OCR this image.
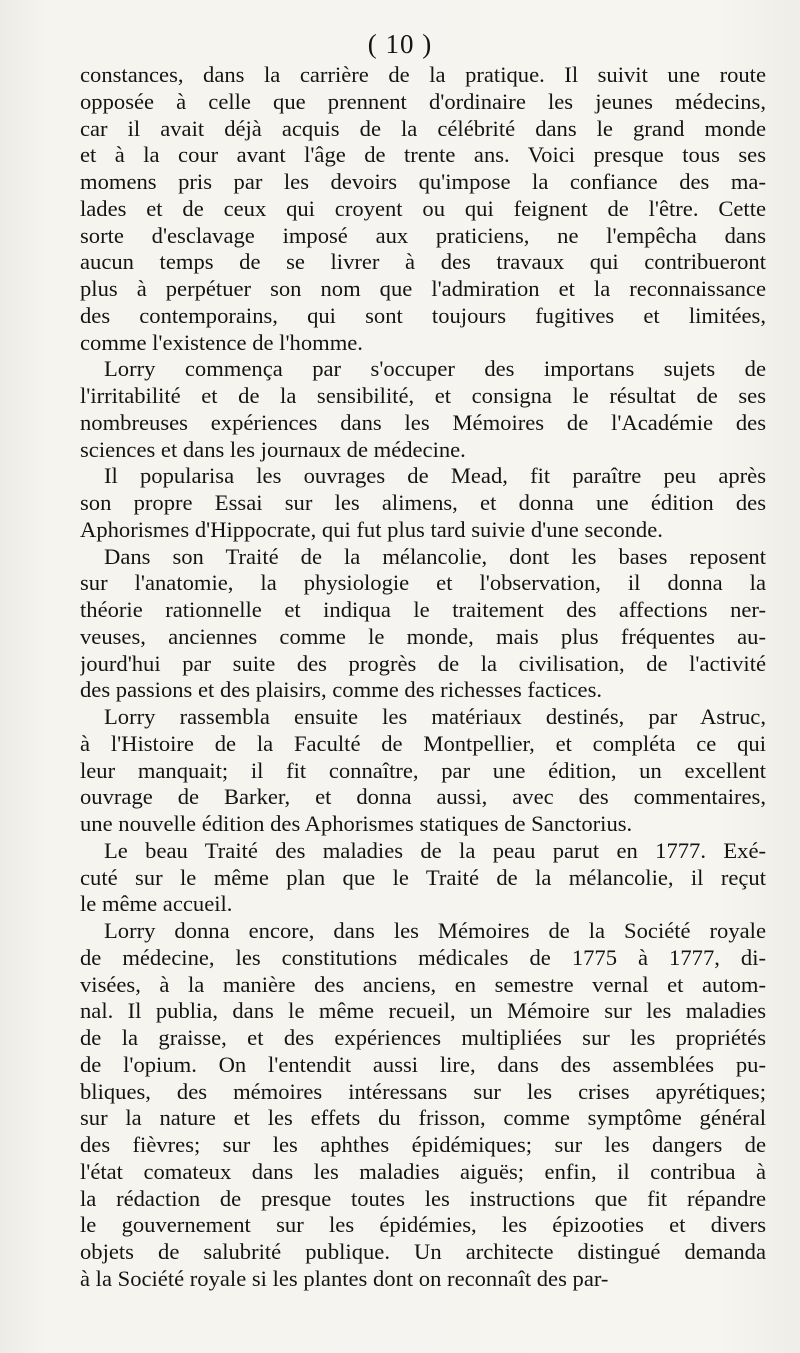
( 10 )
constances, dans la carrière de la pratique. Il suivit une route
opposée à celle que prennent d'ordinaire les jeunes médecins,
car il avait déjà acquis de la célébrité dans le grand monde
et à la cour avant l'âge de trente ans. Voici presque tous ses
momens pris par les devoirs qu'impose la confiance des ma-
lades et de ceux qui croyent ou qui feignent de l'être. Cette
sorte d'esclavage imposé aux praticiens, ne l'empêcha dans
aucun temps de se livrer à des travaux qui contribueront
plus à perpétuer son nom que l'admiration et la reconnaissance
des contemporains, qui sont toujours fugitives et limitées,
comme l'existence de l'homme.
Lorry commença par s'occuper des importans sujets de
l'irritabilité et de la sensibilité, et consigna le résultat de ses
nombreuses expériences dans les Mémoires de l'Académie des
sciences et dans les journaux de médecine.
Il popularisa les ouvrages de Mead, fit paraître peu après
son propre Essai sur les alimens, et donna une édition des
Aphorismes d'Hippocrate, qui fut plus tard suivie d'une seconde.
Dans son Traité de la mélancolie, dont les bases reposent
sur l'anatomie, la physiologie et l'observation, il donna la
théorie rationnelle et indiqua le traitement des affections ner-
veuses, anciennes comme le monde, mais plus fréquentes au-
jourd'hui par suite des progrès de la civilisation, de l'activité
des passions et des plaisirs, comme des richesses factices.
Lorry rassembla ensuite les matériaux destinés, par Astruc,
à l'Histoire de la Faculté de Montpellier, et compléta ce qui
leur manquait; il fit connaître, par une édition, un excellent
ouvrage de Barker, et donna aussi, avec des commentaires,
une nouvelle édition des Aphorismes statiques de Sanctorius.
Le beau Traité des maladies de la peau parut en 1777. Exé-
cuté sur le même plan que le Traité de la mélancolie, il reçut
le même accueil.
Lorry donna encore, dans les Mémoires de la Société royale
de médecine, les constitutions médicales de 1775 à 1777, di-
visées, à la manière des anciens, en semestre vernal et autom-
nal. Il publia, dans le même recueil, un Mémoire sur les maladies
de la graisse, et des expériences multipliées sur les propriétés
de l'opium. On l'entendit aussi lire, dans des assemblées pu-
bliques, des mémoires intéressans sur les crises apyrétiques;
sur la nature et les effets du frisson, comme symptôme général
des fièvres; sur les aphthes épidémiques; sur les dangers de
l'état comateux dans les maladies aiguës; enfin, il contribua à
la rédaction de presque toutes les instructions que fit répandre
le gouvernement sur les épidémies, les épizooties et divers
objets de salubrité publique. Un architecte distingué demanda
à la Société royale si les plantes dont on reconnaît des par-
